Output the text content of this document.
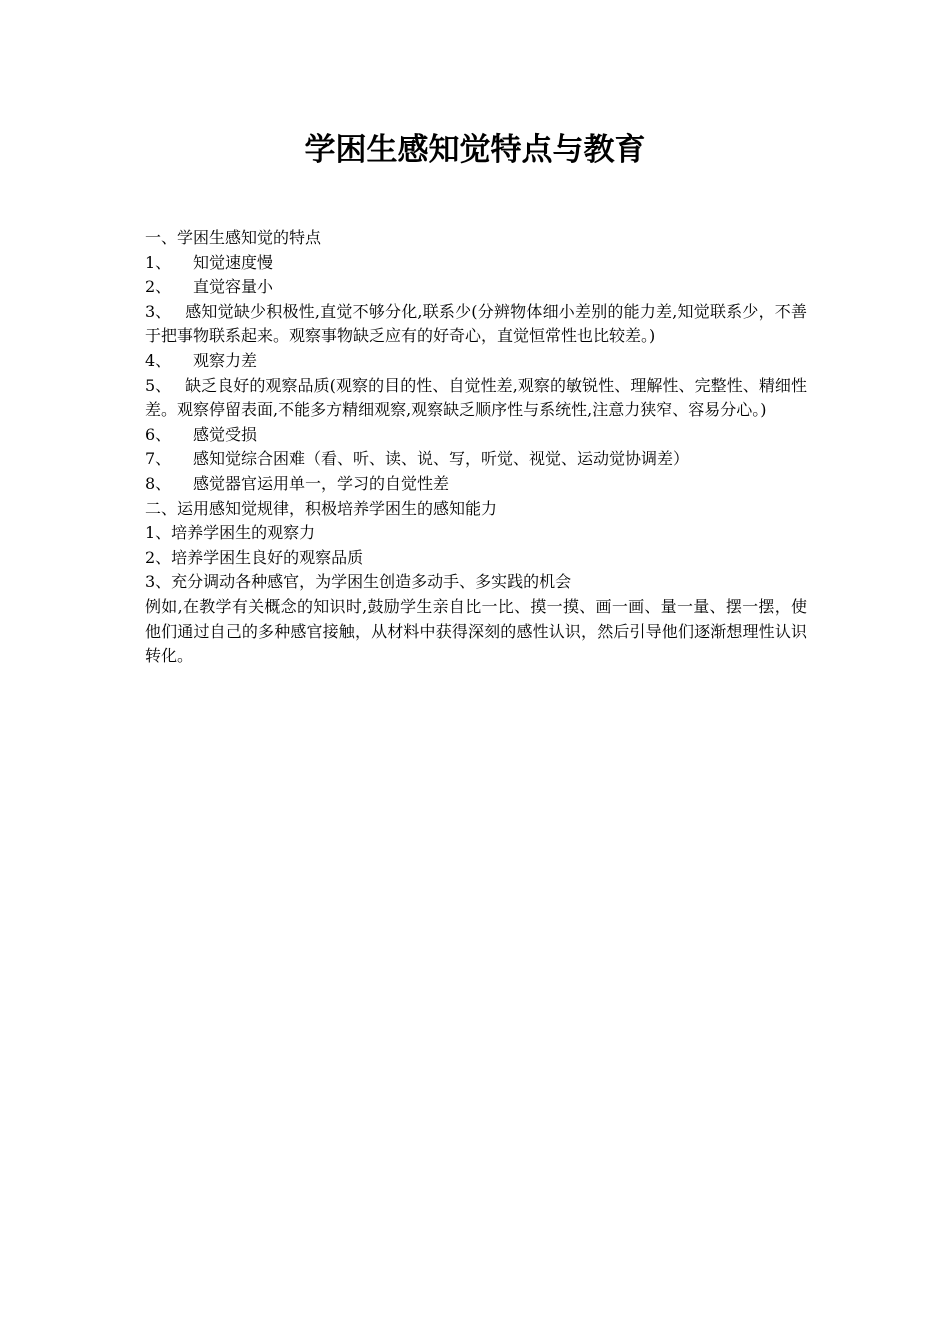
学困生感知觉特点与教育

一、学困生感知觉的特点

1、 知觉速度慢

2、 直觉容量小

3、 感知觉缺少积极性,直觉不够分化,联系少(分辨物体细小差别的能力差,知觉联系少，不善于把事物联系起来。观察事物缺乏应有的好奇心，直觉恒常性也比较差。)

4、 观察力差

5、 缺乏良好的观察品质(观察的目的性、自觉性差,观察的敏锐性、理解性、完整性、精细性差。观察停留表面,不能多方精细观察,观察缺乏顺序性与系统性,注意力狭窄、容易分心。)

6、 感觉受损

7、 感知觉综合困难（看、听、读、说、写，听觉、视觉、运动觉协调差）

8、 感觉器官运用单一，学习的自觉性差

二、运用感知觉规律，积极培养学困生的感知能力

1、培养学困生的观察力

2、培养学困生良好的观察品质

3、充分调动各种感官，为学困生创造多动手、多实践的机会

例如,在教学有关概念的知识时,鼓励学生亲自比一比、摸一摸、画一画、量一量、摆一摆，使他们通过自己的多种感官接触，从材料中获得深刻的感性认识，然后引导他们逐渐想理性认识转化。
